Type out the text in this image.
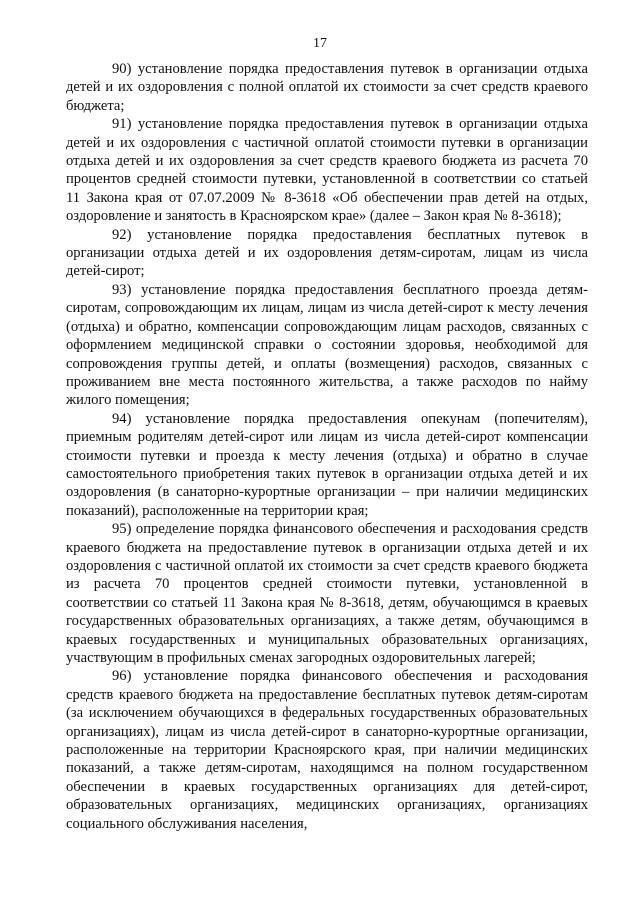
17

90) установление порядка предоставления путевок в организации отдыха детей и их оздоровления с полной оплатой их стоимости за счет средств краевого бюджета;

91) установление порядка предоставления путевок в организации отдыха детей и их оздоровления с частичной оплатой стоимости путевки в организации отдыха детей и их оздоровления за счет средств краевого бюджета из расчета 70 процентов средней стоимости путевки, установленной в соответствии со статьей 11 Закона края от 07.07.2009 № 8-3618 «Об обеспечении прав детей на отдых, оздоровление и занятость в Красноярском крае» (далее – Закон края № 8-3618);

92) установление порядка предоставления бесплатных путевок в организации отдыха детей и их оздоровления детям-сиротам, лицам из числа детей-сирот;

93) установление порядка предоставления бесплатного проезда детям-сиротам, сопровождающим их лицам, лицам из числа детей-сирот к месту лечения (отдыха) и обратно, компенсации сопровождающим лицам расходов, связанных с оформлением медицинской справки о состоянии здоровья, необходимой для сопровождения группы детей, и оплаты (возмещения) расходов, связанных с проживанием вне места постоянного жительства, а также расходов по найму жилого помещения;

94) установление порядка предоставления опекунам (попечителям), приемным родителям детей-сирот или лицам из числа детей-сирот компенсации стоимости путевки и проезда к месту лечения (отдыха) и обратно в случае самостоятельного приобретения таких путевок в организации отдыха детей и их оздоровления (в санаторно-курортные организации – при наличии медицинских показаний), расположенные на территории края;

95) определение порядка финансового обеспечения и расходования средств краевого бюджета на предоставление путевок в организации отдыха детей и их оздоровления с частичной оплатой их стоимости за счет средств краевого бюджета из расчета 70 процентов средней стоимости путевки, установленной в соответствии со статьей 11 Закона края № 8-3618, детям, обучающимся в краевых государственных образовательных организациях, а также детям, обучающимся в краевых государственных и муниципальных образовательных организациях, участвующим в профильных сменах загородных оздоровительных лагерей;

96) установление порядка финансового обеспечения и расходования средств краевого бюджета на предоставление бесплатных путевок детям-сиротам (за исключением обучающихся в федеральных государственных образовательных организациях), лицам из числа детей-сирот в санаторно-курортные организации, расположенные на территории Красноярского края, при наличии медицинских показаний, а также детям-сиротам, находящимся на полном государственном обеспечении в краевых государственных организациях для детей-сирот, образовательных организациях, медицинских организациях, организациях социального обслуживания населения,
